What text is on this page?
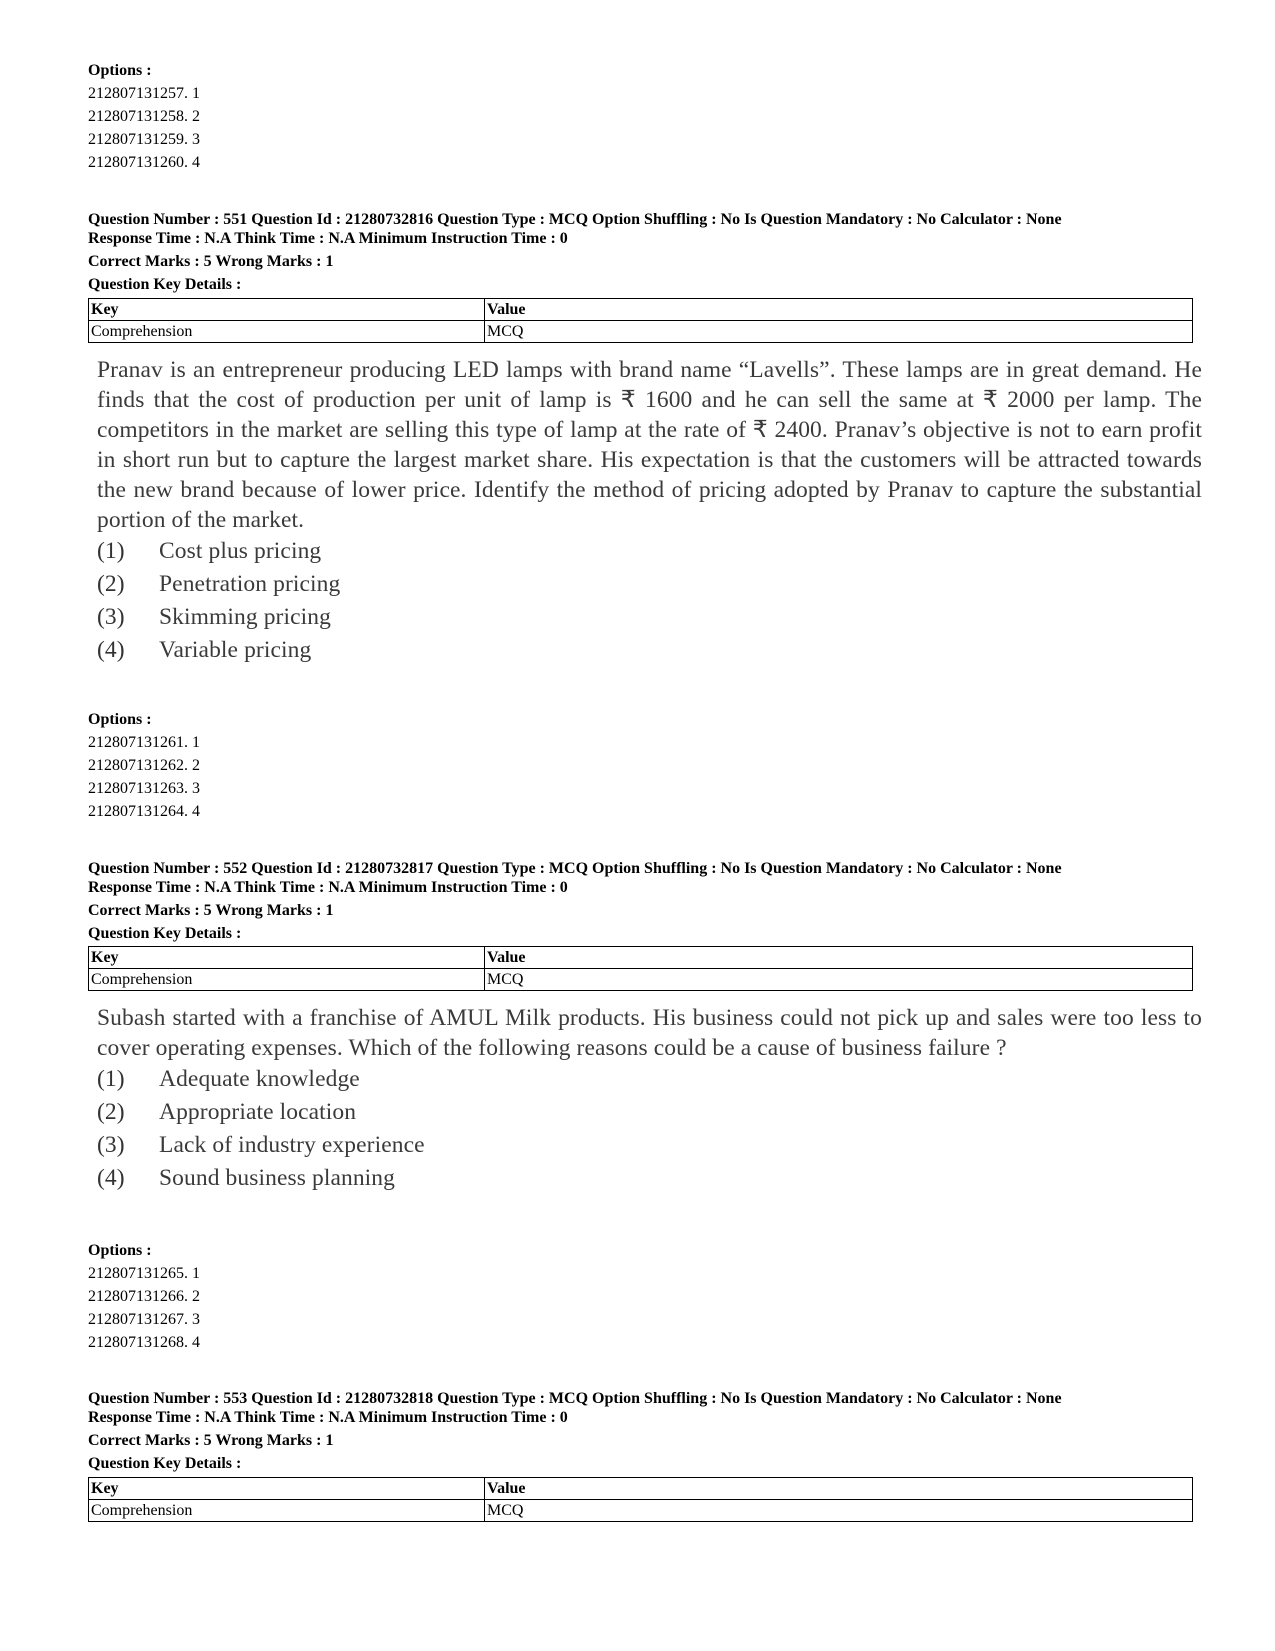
Options :
212807131257. 1
212807131258. 2
212807131259. 3
212807131260. 4
Question Number : 551 Question Id : 21280732816 Question Type : MCQ Option Shuffling : No Is Question Mandatory : No Calculator : None
Response Time : N.A Think Time : N.A Minimum Instruction Time : 0
Correct Marks : 5 Wrong Marks : 1
Question Key Details :
Key	Value
Comprehension	MCQ

Pranav is an entrepreneur producing LED lamps with brand name “Lavells”. These lamps are in great demand. He finds that the cost of production per unit of lamp is ₹ 1600 and he can sell the same at ₹ 2000 per lamp. The competitors in the market are selling this type of lamp at the rate of ₹ 2400. Pranav’s objective is not to earn profit in short run but to capture the largest market share. His expectation is that the customers will be attracted towards the new brand because of lower price. Identify the method of pricing adopted by Pranav to capture the substantial portion of the market.

(1)	Cost plus pricing
(2)	Penetration pricing
(3)	Skimming pricing
(4)	Variable pricing
Options :
212807131261. 1
212807131262. 2
212807131263. 3
212807131264. 4
Question Number : 552 Question Id : 21280732817 Question Type : MCQ Option Shuffling : No Is Question Mandatory : No Calculator : None
Response Time : N.A Think Time : N.A Minimum Instruction Time : 0
Correct Marks : 5 Wrong Marks : 1
Question Key Details :
Key	Value
Comprehension	MCQ

Subash started with a franchise of AMUL Milk products. His business could not pick up and sales were too less to cover operating expenses. Which of the following reasons could be a cause of business failure ?

(1)	Adequate knowledge
(2)	Appropriate location
(3)	Lack of industry experience
(4)	Sound business planning
Options :
212807131265. 1
212807131266. 2
212807131267. 3
212807131268. 4
Question Number : 553 Question Id : 21280732818 Question Type : MCQ Option Shuffling : No Is Question Mandatory : No Calculator : None
Response Time : N.A Think Time : N.A Minimum Instruction Time : 0
Correct Marks : 5 Wrong Marks : 1
Question Key Details :
Key	Value
Comprehension	MCQ
